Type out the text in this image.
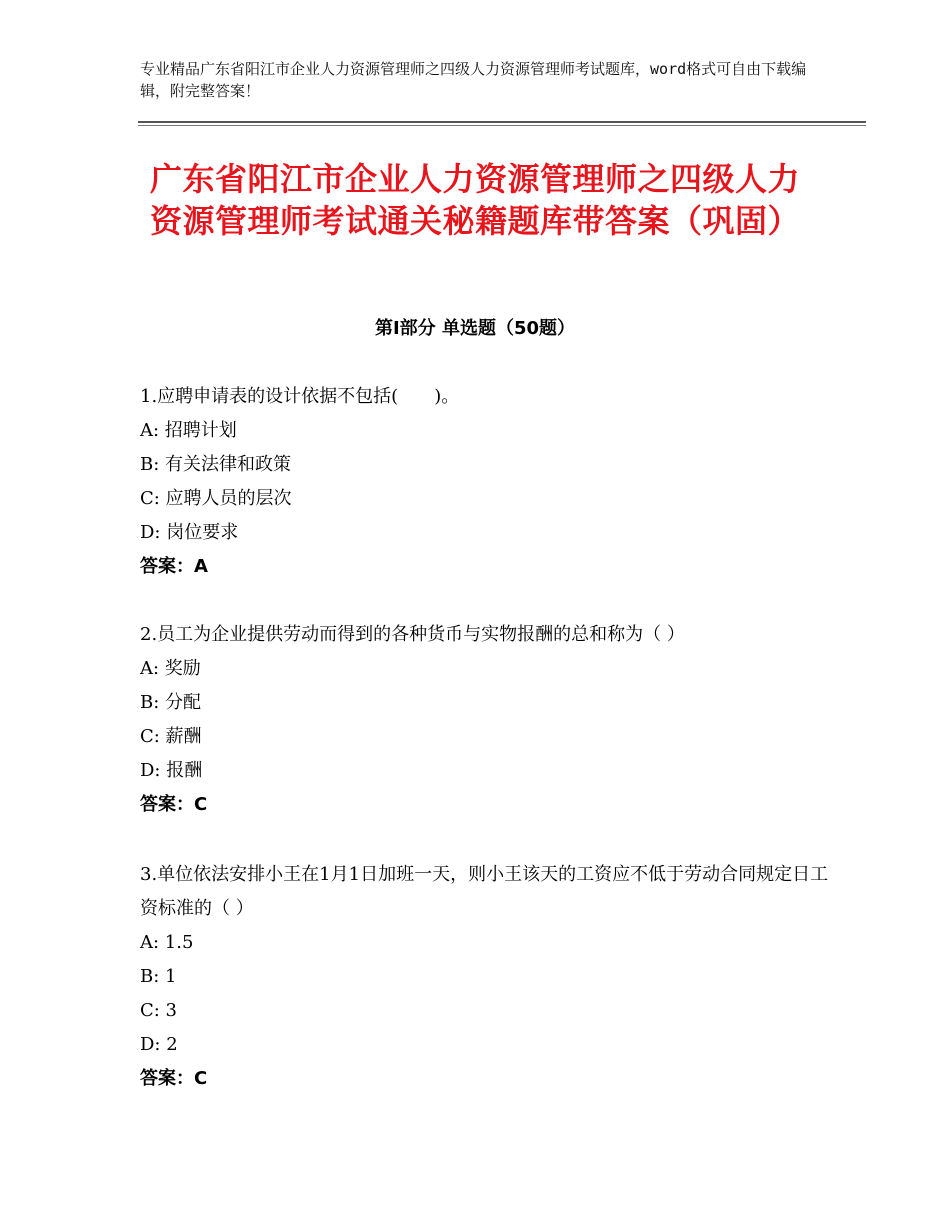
专业精品广东省阳江市企业人力资源管理师之四级人力资源管理师考试题库，word格式可自由下载编辑，附完整答案！
广东省阳江市企业人力资源管理师之四级人力资源管理师考试通关秘籍题库带答案（巩固）
第Ⅰ部分 单选题（50题）
1.应聘申请表的设计依据不包括(　　)。
A: 招聘计划
B: 有关法律和政策
C: 应聘人员的层次
D: 岗位要求
答案：A
2.员工为企业提供劳动而得到的各种货币与实物报酬的总和称为（ ）
A: 奖励
B: 分配
C: 薪酬
D: 报酬
答案：C
3.单位依法安排小王在1月1日加班一天，则小王该天的工资应不低于劳动合同规定日工资标准的（ ）
A: 1.5
B: 1
C: 3
D: 2
答案：C
